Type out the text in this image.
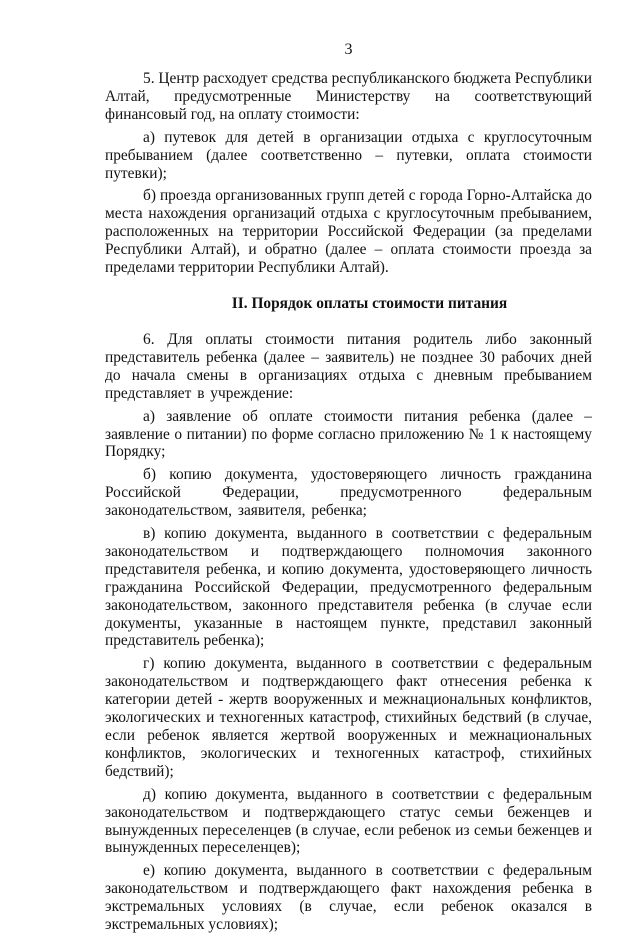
3

5. Центр расходует средства республиканского бюджета Республики Алтай, предусмотренные Министерству на соответствующий финансовый год, на оплату стоимости:

а) путевок для детей в организации отдыха с круглосуточным пребыванием (далее соответственно – путевки, оплата стоимости путевки);

б) проезда организованных групп детей с города Горно-Алтайска до места нахождения организаций отдыха с круглосуточным пребыванием, расположенных на территории Российской Федерации (за пределами Республики Алтай), и обратно (далее – оплата стоимости проезда за пределами территории Республики Алтай).

II. Порядок оплаты стоимости питания

6. Для оплаты стоимости питания родитель либо законный представитель ребенка (далее – заявитель) не позднее 30 рабочих дней до начала смены в организациях отдыха с дневным пребыванием представляет в учреждение:

а) заявление об оплате стоимости питания ребенка (далее – заявление о питании) по форме согласно приложению № 1 к настоящему Порядку;

б) копию документа, удостоверяющего личность гражданина Российской Федерации, предусмотренного федеральным законодательством, заявителя, ребенка;

в) копию документа, выданного в соответствии с федеральным законодательством и подтверждающего полномочия законного представителя ребенка, и копию документа, удостоверяющего личность гражданина Российской Федерации, предусмотренного федеральным законодательством, законного представителя ребенка (в случае если документы, указанные в настоящем пункте, представил законный представитель ребенка);

г) копию документа, выданного в соответствии с федеральным законодательством и подтверждающего факт отнесения ребенка к категории детей - жертв вооруженных и межнациональных конфликтов, экологических и техногенных катастроф, стихийных бедствий (в случае, если ребенок является жертвой вооруженных и межнациональных конфликтов, экологических и техногенных катастроф, стихийных бедствий);

д) копию документа, выданного в соответствии с федеральным законодательством и подтверждающего статус семьи беженцев и вынужденных переселенцев (в случае, если ребенок из семьи беженцев и вынужденных переселенцев);

е) копию документа, выданного в соответствии с федеральным законодательством и подтверждающего факт нахождения ребенка в экстремальных условиях (в случае, если ребенок оказался в экстремальных условиях);
